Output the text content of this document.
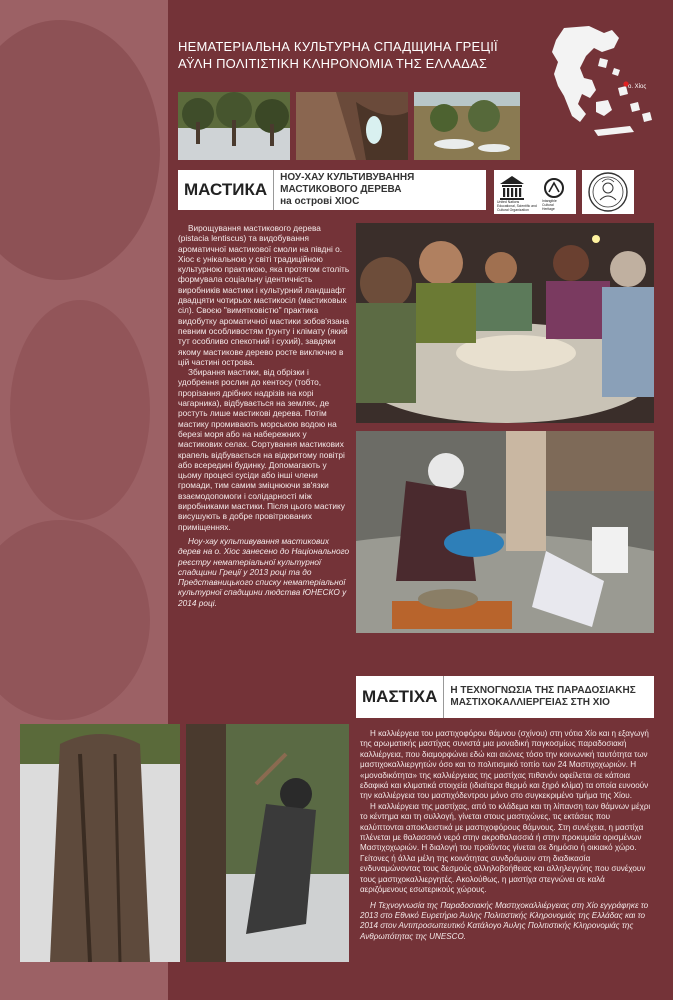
НЕМАТЕРІАЛЬНА КУЛЬТУРНА СПАДЩИНА ГРЕЦІЇ
ΑΫΛΗ ΠΟΛΙΤΙΣΤΙΚΗ ΚΛΗΡΟΝΟΜΙΑ ΤΗΣ ΕΛΛΑΔΑΣ
ο. Χίος
МАСТИКА
НОУ-ХАУ КУЛЬТИВУВАННЯ МАСТИКОВОГО ДЕРЕВА
на острові ХІОС	United Nations
Educational, Scientific and
Cultural Organization
Intangible
Cultural
Heritage

Вирощування мастикового дерева (pistacia lentiscus) та видобування ароматичної мастикової смоли на півдні о. Хіос є унікальною у світі традиційною культурною практикою, яка протягом століть формувала соціальну ідентичність виробників мастики і культурний ландшафт двадцяти чотирьох мастикосіл (мастиковых сіл). Своєю "вимятковістю" практика видобутку ароматичної мастики зобов'язана певним особливостям ґрунту і клімату (який тут особливо спекотний і сухий), завдяки якому мастикове дерево росте виключно в цій частині острова.

Збирання мастики, від обрізки і удобрення рослин до кентосу (тобто, прорізання дрібних надрізів на корі чагарника), відбувається на землях, де ростуть лише мастикові дерева. Потім мастику промивають морською водою на березі моря або на набережних у мастикових селах. Сортування мастикових крапель відбувається на відкритому повітрі або всередині будинку. Допомагають у цьому процесі сусіди або інші члени громади, тим самим зміцнюючи зв'язки взаємодопомоги і солідарності між виробниками мастики. Після цього мастику висушують в добре провітрюваних приміщеннях.

Ноу-хау культивування мастикових дерев на о. Хіос занесено до Національного реєстру нематеріальної культурної спадщини Греції у 2013 році та до Представницького списку нематеріальної культурної спадщини людства ЮНЕСКО у 2014 році.

ΜΑΣΤΙΧΑ	Η ΤΕΧΝΟΓΝΩΣΙΑ ΤΗΣ ΠΑΡΑΔΟΣΙΑΚΗΣ
ΜΑΣΤΙΧΟΚΑΛΛΙΕΡΓΕΙΑΣ ΣΤΗ ΧΙΟ

Η καλλιέργεια του μαστιχοφόρου θάμνου (σχίνου) στη νότια Χίο και η εξαγωγή της αρωματικής μαστίχας συνιστά μια μοναδική παγκοσμίως παραδοσιακή καλλιέργεια, που διαμορφώνει εδώ και αιώνες τόσο την κοινωνική ταυτότητα των μαστιχοκαλλιεργητών όσο και το πολιτισμικό τοπίο των 24 Μαστιχοχωριών. Η «μοναδικότητα» της καλλιέργειας της μαστίχας πιθανόν οφείλεται σε κάποια εδαφικά και κλιματικά στοιχεία (ιδιαίτερα θερμό και ξηρό κλίμα) τα οποία ευνοούν την καλλιέργεια του μαστιχόδεντρου μόνο στο συγκεκριμένο τμήμα της Χίου.

Η καλλιέργεια της μαστίχας, από το κλάδεμα και τη λίπανση των θάμνων μέχρι το κέντημα και τη συλλογή, γίνεται στους μαστιχώνες, τις εκτάσεις που καλύπτονται αποκλειστικά με μαστιχοφόρους θάμνους. Στη συνέχεια, η μαστίχα πλένεται με θαλασσινό νερό στην ακροθαλασσιά ή στην προκυμαία ορισμένων Μαστιχοχωριών. Η διαλογή του προϊόντος γίνεται σε δημόσιο ή οικιακό χώρο. Γείτονες ή άλλα μέλη της κοινότητας συνδράμουν στη διαδικασία ενδυναμώνοντας τους δεσμούς αλληλοβοήθειας και αλληλεγγύης που συνέχουν τους μαστιχοκαλλιεργητές. Ακολούθως, η μαστίχα στεγνώνει σε καλά αεριζόμενους εσωτερικούς χώρους.

Η Τεχνογνωσία της Παραδοσιακής Μαστιχοκαλλιέργειας στη Χίο εγγράφηκε το 2013 στο Εθνικό Ευρετήριο Άυλης Πολιτιστικής Κληρονομιάς της Ελλάδας και το 2014 στον Αντιπροσωπευτικό Κατάλογο Άυλης Πολιτιστικής Κληρονομιάς της Ανθρωπότητας της UNESCO.
